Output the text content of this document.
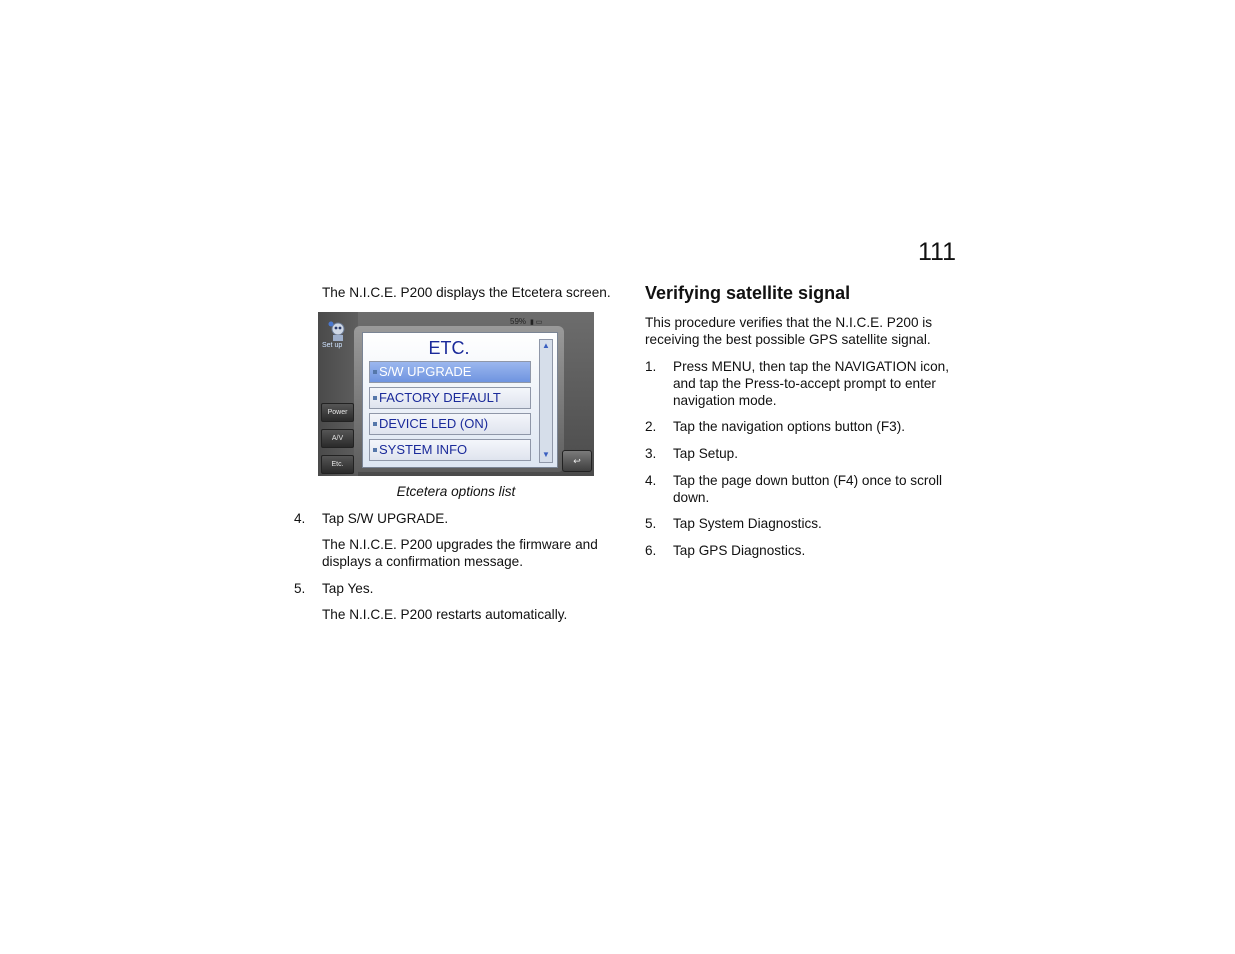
111

The N.I.C.E. P200 displays the Etcetera screen.

Set up
Power
A/V
Etc.
59% ▮ ▭
ETC.
S/W UPGRADE
FACTORY DEFAULT
DEVICE LED (ON)
SYSTEM INFO
▲
▼
↩
Etcetera options list
4. Tap S/W UPGRADE.

The N.I.C.E. P200 upgrades the firmware and displays a confirmation message.

5. Tap Yes.

The N.I.C.E. P200 restarts automatically.

Verifying satellite signal

This procedure verifies that the N.I.C.E. P200 is receiving the best possible GPS satellite signal.

1. Press MENU, then tap the NAVIGATION icon, and tap the Press-to-accept prompt to enter navigation mode.

2. Tap the navigation options button (F3).

3. Tap Setup.

4. Tap the page down button (F4) once to scroll down.

5. Tap System Diagnostics.

6. Tap GPS Diagnostics.
